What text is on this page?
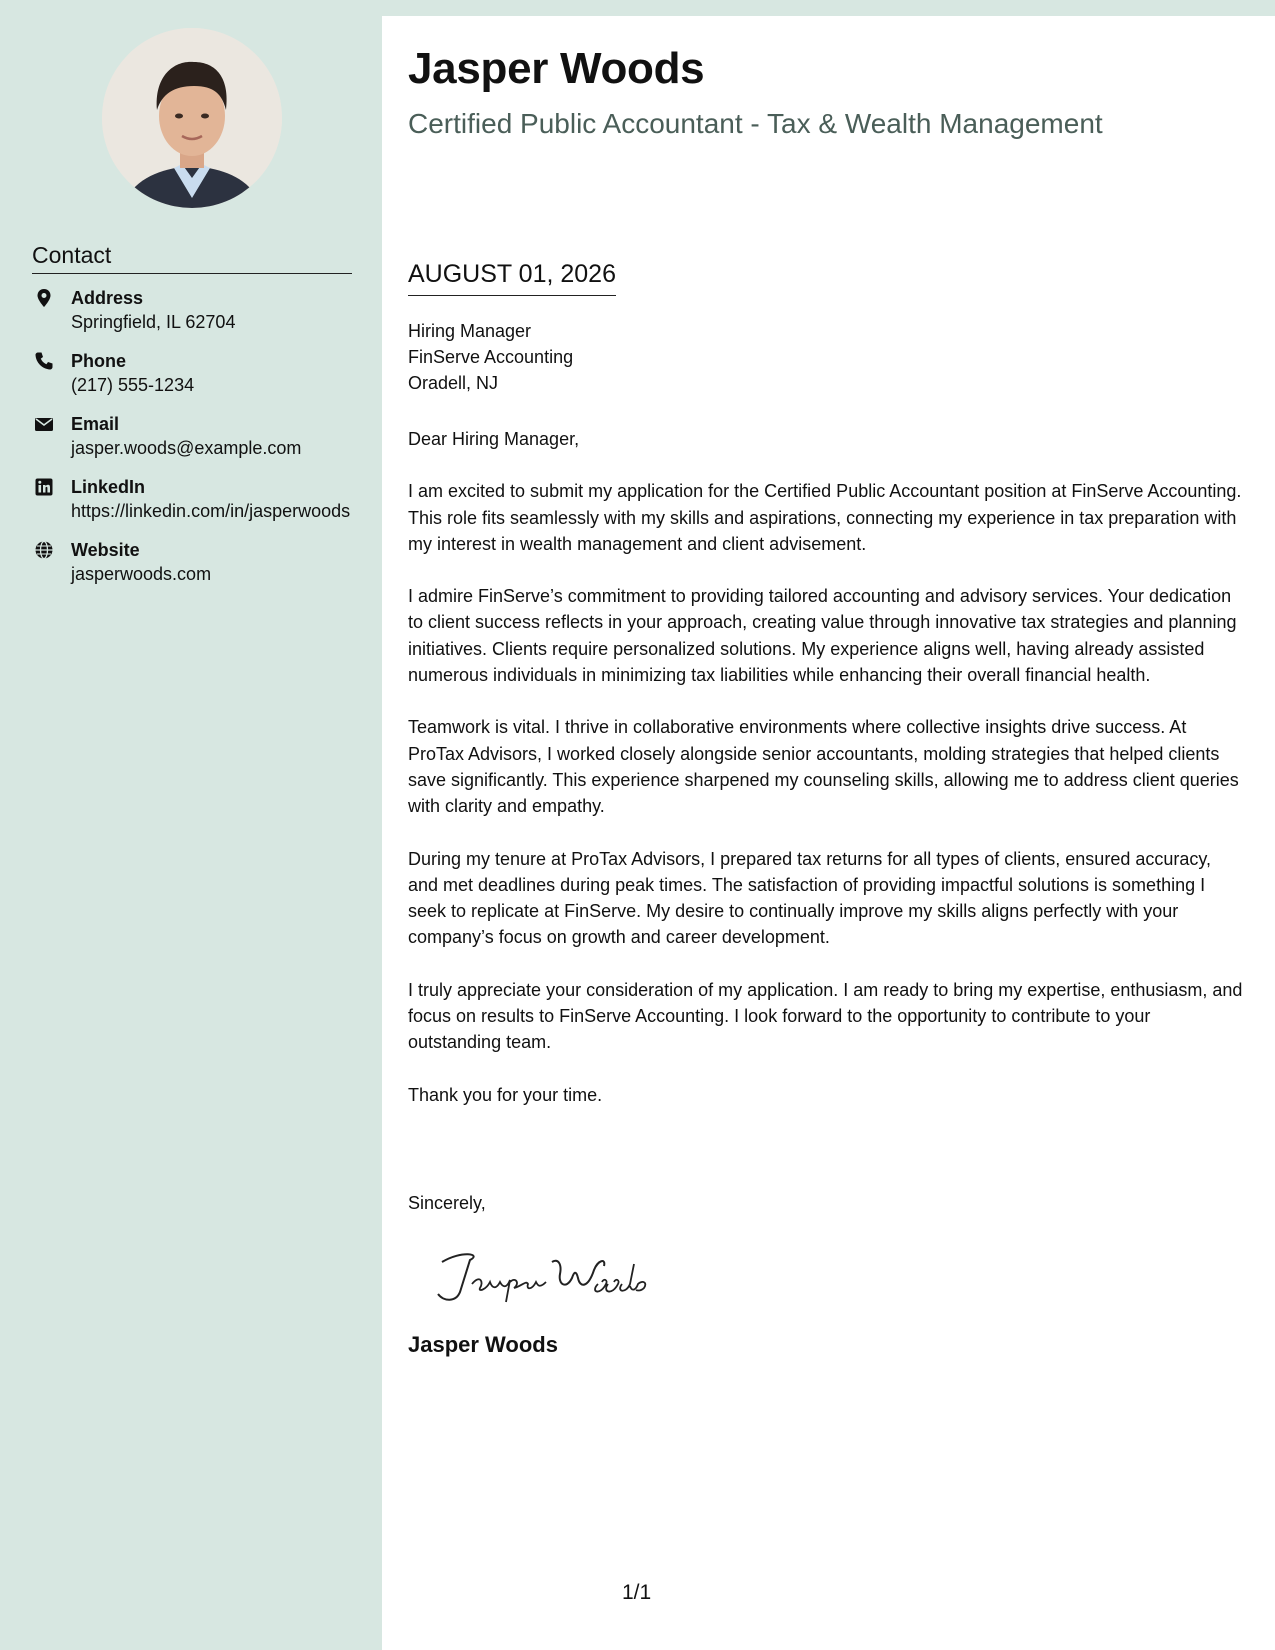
Contact
Address
Springfield, IL 62704
Phone
(217) 555-1234
Email
jasper.woods@example.com
LinkedIn
https://linkedin.com/in/jasperwoods
Website
jasperwoods.com
Jasper Woods
Certified Public Accountant - Tax & Wealth Management
AUGUST 01, 2026
Hiring Manager
FinServe Accounting
Oradell, NJ

Dear Hiring Manager,

I am excited to submit my application for the Certified Public Accountant position at FinServe Accounting. This role fits seamlessly with my skills and aspirations, connecting my experience in tax preparation with my interest in wealth management and client advisement.

I admire FinServe’s commitment to providing tailored accounting and advisory services. Your dedication to client success reflects in your approach, creating value through innovative tax strategies and planning initiatives. Clients require personalized solutions. My experience aligns well, having already assisted numerous individuals in minimizing tax liabilities while enhancing their overall financial health.

Teamwork is vital. I thrive in collaborative environments where collective insights drive success. At ProTax Advisors, I worked closely alongside senior accountants, molding strategies that helped clients save significantly. This experience sharpened my counseling skills, allowing me to address client queries with clarity and empathy.

During my tenure at ProTax Advisors, I prepared tax returns for all types of clients, ensured accuracy, and met deadlines during peak times. The satisfaction of providing impactful solutions is something I seek to replicate at FinServe. My desire to continually improve my skills aligns perfectly with your company’s focus on growth and career development.

I truly appreciate your consideration of my application. I am ready to bring my expertise, enthusiasm, and focus on results to FinServe Accounting. I look forward to the opportunity to contribute to your outstanding team.

Thank you for your time.

Sincerely,
Jasper Woods
1/1
